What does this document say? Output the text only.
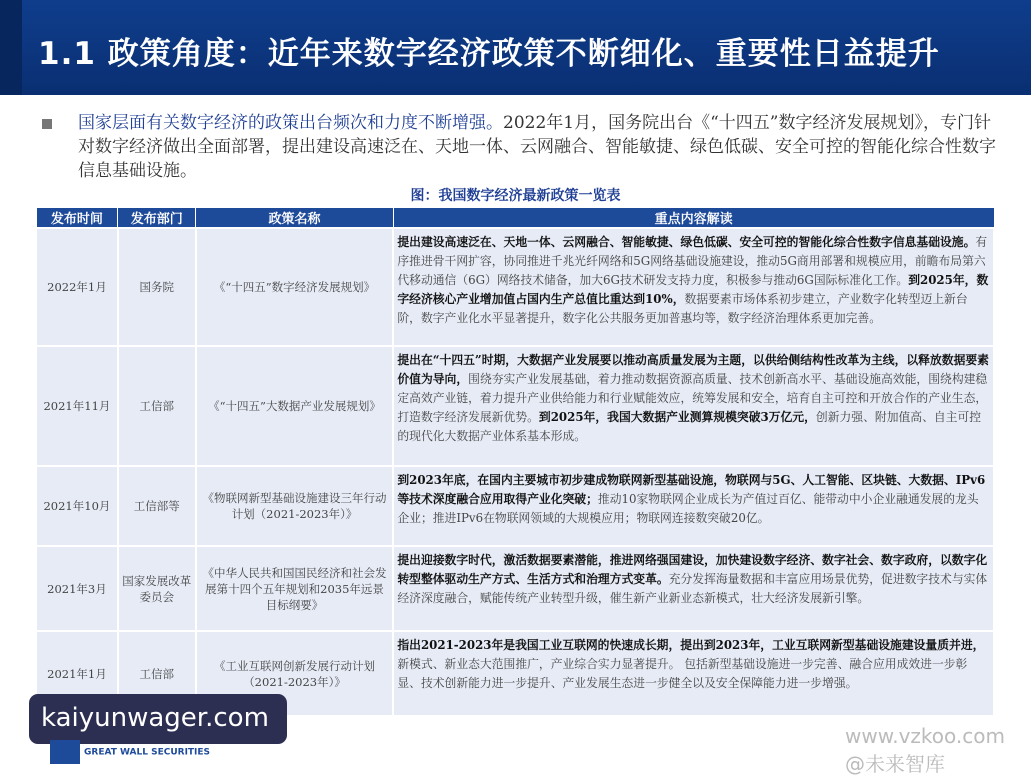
1.1 政策角度：近年来数字经济政策不断细化、重要性日益提升
国家层面有关数字经济的政策出台频次和力度不断增强。2022年1月，国务院出台《“十四五”数字经济发展规划》，专门针对数字经济做出全面部署，提出建设高速泛在、天地一体、云网融合、智能敏捷、绿色低碳、安全可控的智能化综合性数字信息基础设施。
图：我国数字经济最新政策一览表
发布时间	发布部门	政策名称	重点内容解读
2022年1月	国务院	《“十四五”数字经济发展规划》	提出建设高速泛在、天地一体、云网融合、智能敏捷、绿色低碳、安全可控的智能化综合性数字信息基础设施。有序推进骨干网扩容，协同推进千兆光纤网络和5G网络基础设施建设，推动5G商用部署和规模应用，前瞻布局第六代移动通信（6G）网络技术储备，加大6G技术研发支持力度，积极参与推动6G国际标准化工作。到2025年，数字经济核心产业增加值占国内生产总值比重达到10%，数据要素市场体系初步建立，产业数字化转型迈上新台阶，数字产业化水平显著提升，数字化公共服务更加普惠均等，数字经济治理体系更加完善。
2021年11月	工信部	《“十四五”大数据产业发展规划》	提出在“十四五”时期，大数据产业发展要以推动高质量发展为主题，以供给侧结构性改革为主线，以释放数据要素价值为导向，围绕夯实产业发展基础，着力推动数据资源高质量、技术创新高水平、基础设施高效能，围绕构建稳定高效产业链，着力提升产业供给能力和行业赋能效应，统筹发展和安全，培育自主可控和开放合作的产业生态，打造数字经济发展新优势。到2025年，我国大数据产业测算规模突破3万亿元，创新力强、附加值高、自主可控的现代化大数据产业体系基本形成。
2021年10月	工信部等	《物联网新型基础设施建设三年行动计划（2021-2023年）》	到2023年底，在国内主要城市初步建成物联网新型基础设施，物联网与5G、人工智能、区块链、大数据、IPv6等技术深度融合应用取得产业化突破；推动10家物联网企业成长为产值过百亿、能带动中小企业融通发展的龙头企业；推进IPv6在物联网领域的大规模应用；物联网连接数突破20亿。
2021年3月	国家发展改革委员会	《中华人民共和国国民经济和社会发展第十四个五年规划和2035年远景目标纲要》	提出迎接数字时代，激活数据要素潜能，推进网络强国建设，加快建设数字经济、数字社会、数字政府，以数字化转型整体驱动生产方式、生活方式和治理方式变革。充分发挥海量数据和丰富应用场景优势，促进数字技术与实体经济深度融合，赋能传统产业转型升级，催生新产业新业态新模式，壮大经济发展新引擎。
2021年1月	工信部	《工业互联网创新发展行动计划（2021-2023年）》	指出2021-2023年是我国工业互联网的快速成长期，提出到2023年，工业互联网新型基础设施建设量质并进，新模式、新业态大范围推广，产业综合实力显著提升。 包括新型基础设施进一步完善、融合应用成效进一步彰显、技术创新能力进一步提升、产业发展生态进一步健全以及安全保障能力进一步增强。
kaiyunwager.com
GREAT WALL SECURITIES
www.vzkoo.com @未来智库
